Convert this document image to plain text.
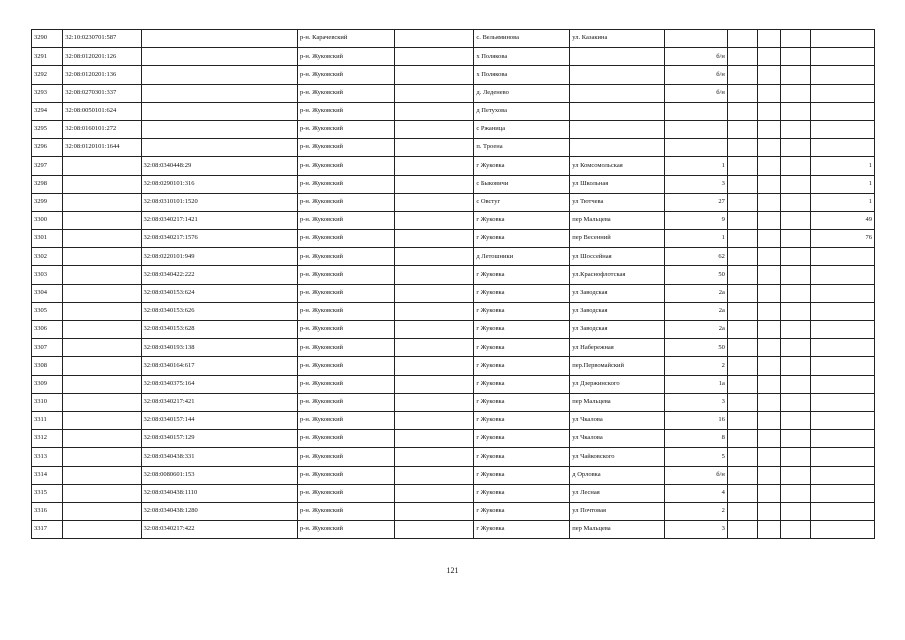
3290	32:10:0230701:587		р-н. Карачевский		с. Вельяминова	ул. Казакина					
3291	32:08:0120201:126		р-н. Жуковский		х Полякова		б/н				
3292	32:08:0120201:136		р-н. Жуковский		х Полякова		б/н				
3293	32:08:0270301:337		р-н. Жуковский		д. Леденево		б/н				
3294	32:08:0050101:624		р-н. Жуковский		д Петухова						
3295	32:08:0160101:272		р-н. Жуковский		с Ржаница						
3296	32:08:0120101:1644		р-н. Жуковский		п. Троена						
3297		32:08:0340448:29	р-н. Жуковский		г Жуковка	ул Комсомольская	1				1
3298		32:08:0290101:316	р-н. Жуковский		с Быковичи	ул Школьная	3				1
3299		32:08:0310101:1520	р-н. Жуковский		с Овстуг	ул Тютчева	27				1
3300		32:08:0340217:1421	р-н. Жуковский		г Жуковка	пер Мальцева	9				49
3301		32:08:0340217:1576	р-н. Жуковский		г Жуковка	пер Весенний	1				76
3302		32:08:0220101:949	р-н. Жуковский		д Летошники	ул Шоссейная	62				
3303		32:08:0340422:222	р-н. Жуковский		г Жуковка	ул.Краснофлотская	50				
3304		32:08:0340153:624	р-н. Жуковский		г Жуковка	ул Заводская	2а				
3305		32:08:0340153:626	р-н. Жуковский		г Жуковка	ул Заводская	2а				
3306		32:08:0340153:628	р-н. Жуковский		г Жуковка	ул Заводская	2а				
3307		32:08:0340193:138	р-н. Жуковский		г Жуковка	ул Набережная	50				
3308		32:08:0340164:617	р-н. Жуковский		г Жуковка	пер.Первомайский	2				
3309		32:08:0340375:164	р-н. Жуковский		г Жуковка	ул Дзержинского	1а				
3310		32:08:0340217:421	р-н. Жуковский		г Жуковка	пер Мальцева	3				
3311		32:08:0340157:144	р-н. Жуковский		г Жуковка	ул Чкалова	16				
3312		32:08:0340157:129	р-н. Жуковский		г Жуковка	ул Чкалова	8				
3313		32:08:0340438:331	р-н. Жуковский		г Жуковка	ул Чайковского	5				
3314		32:08:0080601:153	р-н. Жуковский		г Жуковка	д Орловка	б/н				
3315		32:08:0340438:1110	р-н. Жуковский		г Жуковка	ул Лесная	4				
3316		32:08:0340438:1280	р-н. Жуковский		г Жуковка	ул Почтовая	2				
3317		32:08:0340217:422	р-н. Жуковский		г Жуковка	пер Мальцева	3				
121
